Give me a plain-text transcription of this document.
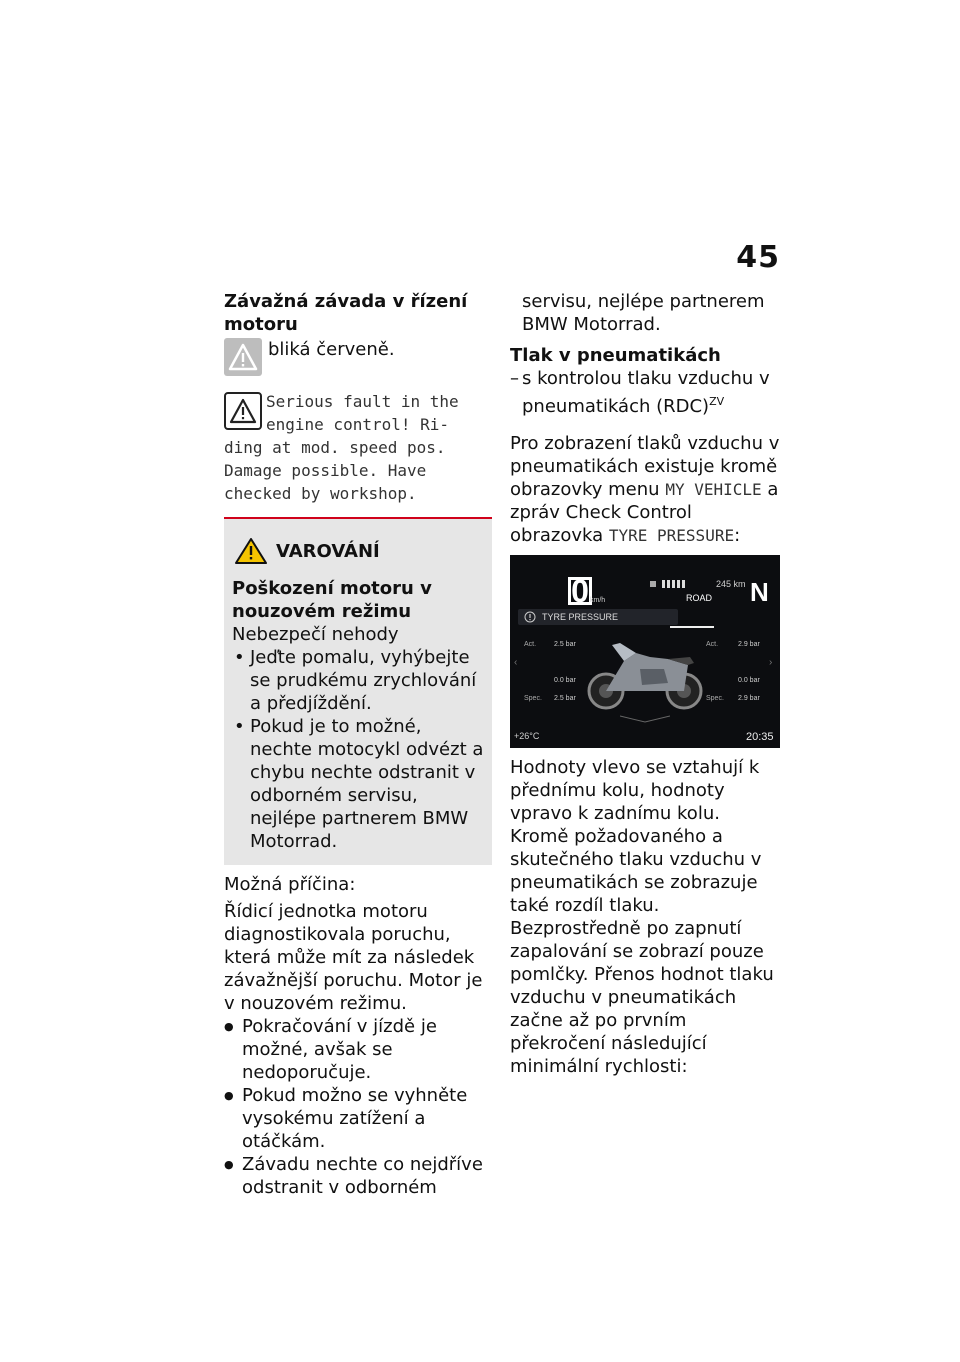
45

Závažná závada v řízení motoru

bliká červeně.
Serious fault in the
engine control! Ri-
ding at mod. speed pos.
Damage possible. Have
checked by workshop.
VAROVÁNÍ

Poškození motoru v nouzovém režimu

Nebezpečí nehody

• Jeďte pomalu, vyhýbejte se prudkému zrychlování a předjíždění.
• Pokud je to možné, nechte motocykl odvézt a chybu nechte odstranit v odborném servisu, nejlépe partnerem BMW Motorrad.

Možná příčina:

Řídicí jednotka motoru diagnostikovala poruchu, která může mít za následek závažnější poruchu. Motor je v nouzovém režimu.

● Pokračování v jízdě je možné, avšak se nedoporučuje.
● Pokud možno se vyhněte vysokému zatížení a otáčkám.
● Závadu nechte co nejdříve odstranit v odborném

servisu, nejlépe partnerem BMW Motorrad.

Tlak v pneumatikách

– s kontrolou tlaku vzduchu v pneumatikách (RDC)$^{ZV}$

Pro zobrazení tlaků vzduchu v pneumatikách existuje kromě obrazovky menu MY VEHICLE a zpráv Check Control obrazovka TYRE PRESSURE:

0 km/h
245 km
ROAD N
TYRE PRESSURE
Act.	2.5 bar	Act.	2.9 bar
‹	›
0.0 bar	0.0 bar
Spec. 2.5 bar	Spec. 2.9 bar
+26°C	20:35

Hodnoty vlevo se vztahují k přednímu kolu, hodnoty vpravo k zadnímu kolu.

Kromě požadovaného a skutečného tlaku vzduchu v pneumatikách se zobrazuje také rozdíl tlaku.

Bezprostředně po zapnutí zapalování se zobrazí pouze pomlčky. Přenos hodnot tlaku vzduchu v pneumatikách začne až po prvním překročení následující minimální rychlosti:
